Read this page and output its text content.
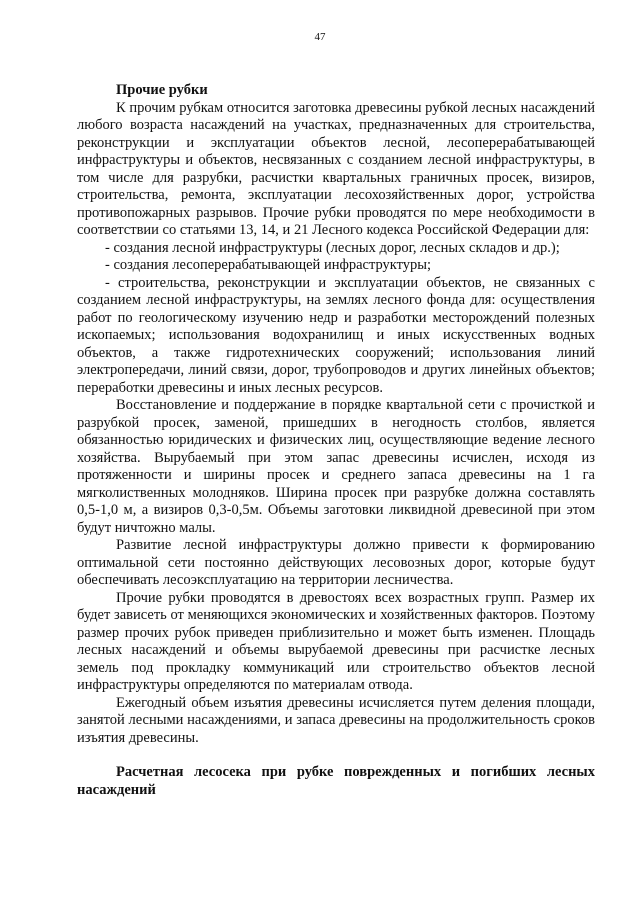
47

Прочие рубки

К прочим рубкам относится заготовка древесины рубкой лесных насаждений любого возраста насаждений на участках, предназначенных для строительства, реконструкции и эксплуатации объектов лесной, лесоперерабатывающей инфраструктуры и объектов, несвязанных с созданием лесной инфраструктуры, в том числе для разрубки, расчистки квартальных граничных просек, визиров, строительства, ремонта, эксплуатации лесохозяйственных дорог, устройства противопожарных разрывов. Прочие рубки проводятся по мере необходимости в соответствии со статьями 13, 14, и 21 Лесного кодекса Российской Федерации для:

- создания лесной инфраструктуры (лесных дорог, лесных складов и др.);

- создания лесоперерабатывающей инфраструктуры;

- строительства, реконструкции и эксплуатации объектов, не связанных с созданием лесной инфраструктуры, на землях лесного фонда для: осуществления работ по геологическому изучению недр и разработки месторождений полезных ископаемых; использования водохранилищ и иных искусственных водных объектов, а также гидротехнических сооружений; использования линий электропередачи, линий связи, дорог, трубопроводов и других линейных объектов; переработки древесины и иных лесных ресурсов.

Восстановление и поддержание в порядке квартальной сети с прочисткой и разрубкой просек, заменой, пришедших в негодность столбов, является обязанностью юридических и физических лиц, осуществляющие ведение лесного хозяйства. Вырубаемый при этом запас древесины исчислен, исходя из протяженности и ширины просек и среднего запаса древесины на 1 га мягколиственных молодняков. Ширина просек при разрубке должна составлять 0,5-1,0 м, а визиров 0,3-0,5м. Объемы заготовки ликвидной древесиной при этом будут ничтожно малы.

Развитие лесной инфраструктуры должно привести к формированию оптимальной сети постоянно действующих лесовозных дорог, которые будут обеспечивать лесоэксплуатацию на территории лесничества.

Прочие рубки проводятся в древостоях всех возрастных групп. Размер их будет зависеть от меняющихся экономических и хозяйственных факторов. Поэтому размер прочих рубок приведен приблизительно и может быть изменен. Площадь лесных насаждений и объемы вырубаемой древесины при расчистке лесных земель под прокладку коммуникаций или строительство объектов лесной инфраструктуры определяются по материалам отвода.

Ежегодный объем изъятия древесины исчисляется путем деления площади, занятой лесными насаждениями, и запаса древесины на продолжительность сроков изъятия древесины.

Расчетная лесосека при рубке поврежденных и погибших лесных насаждений
